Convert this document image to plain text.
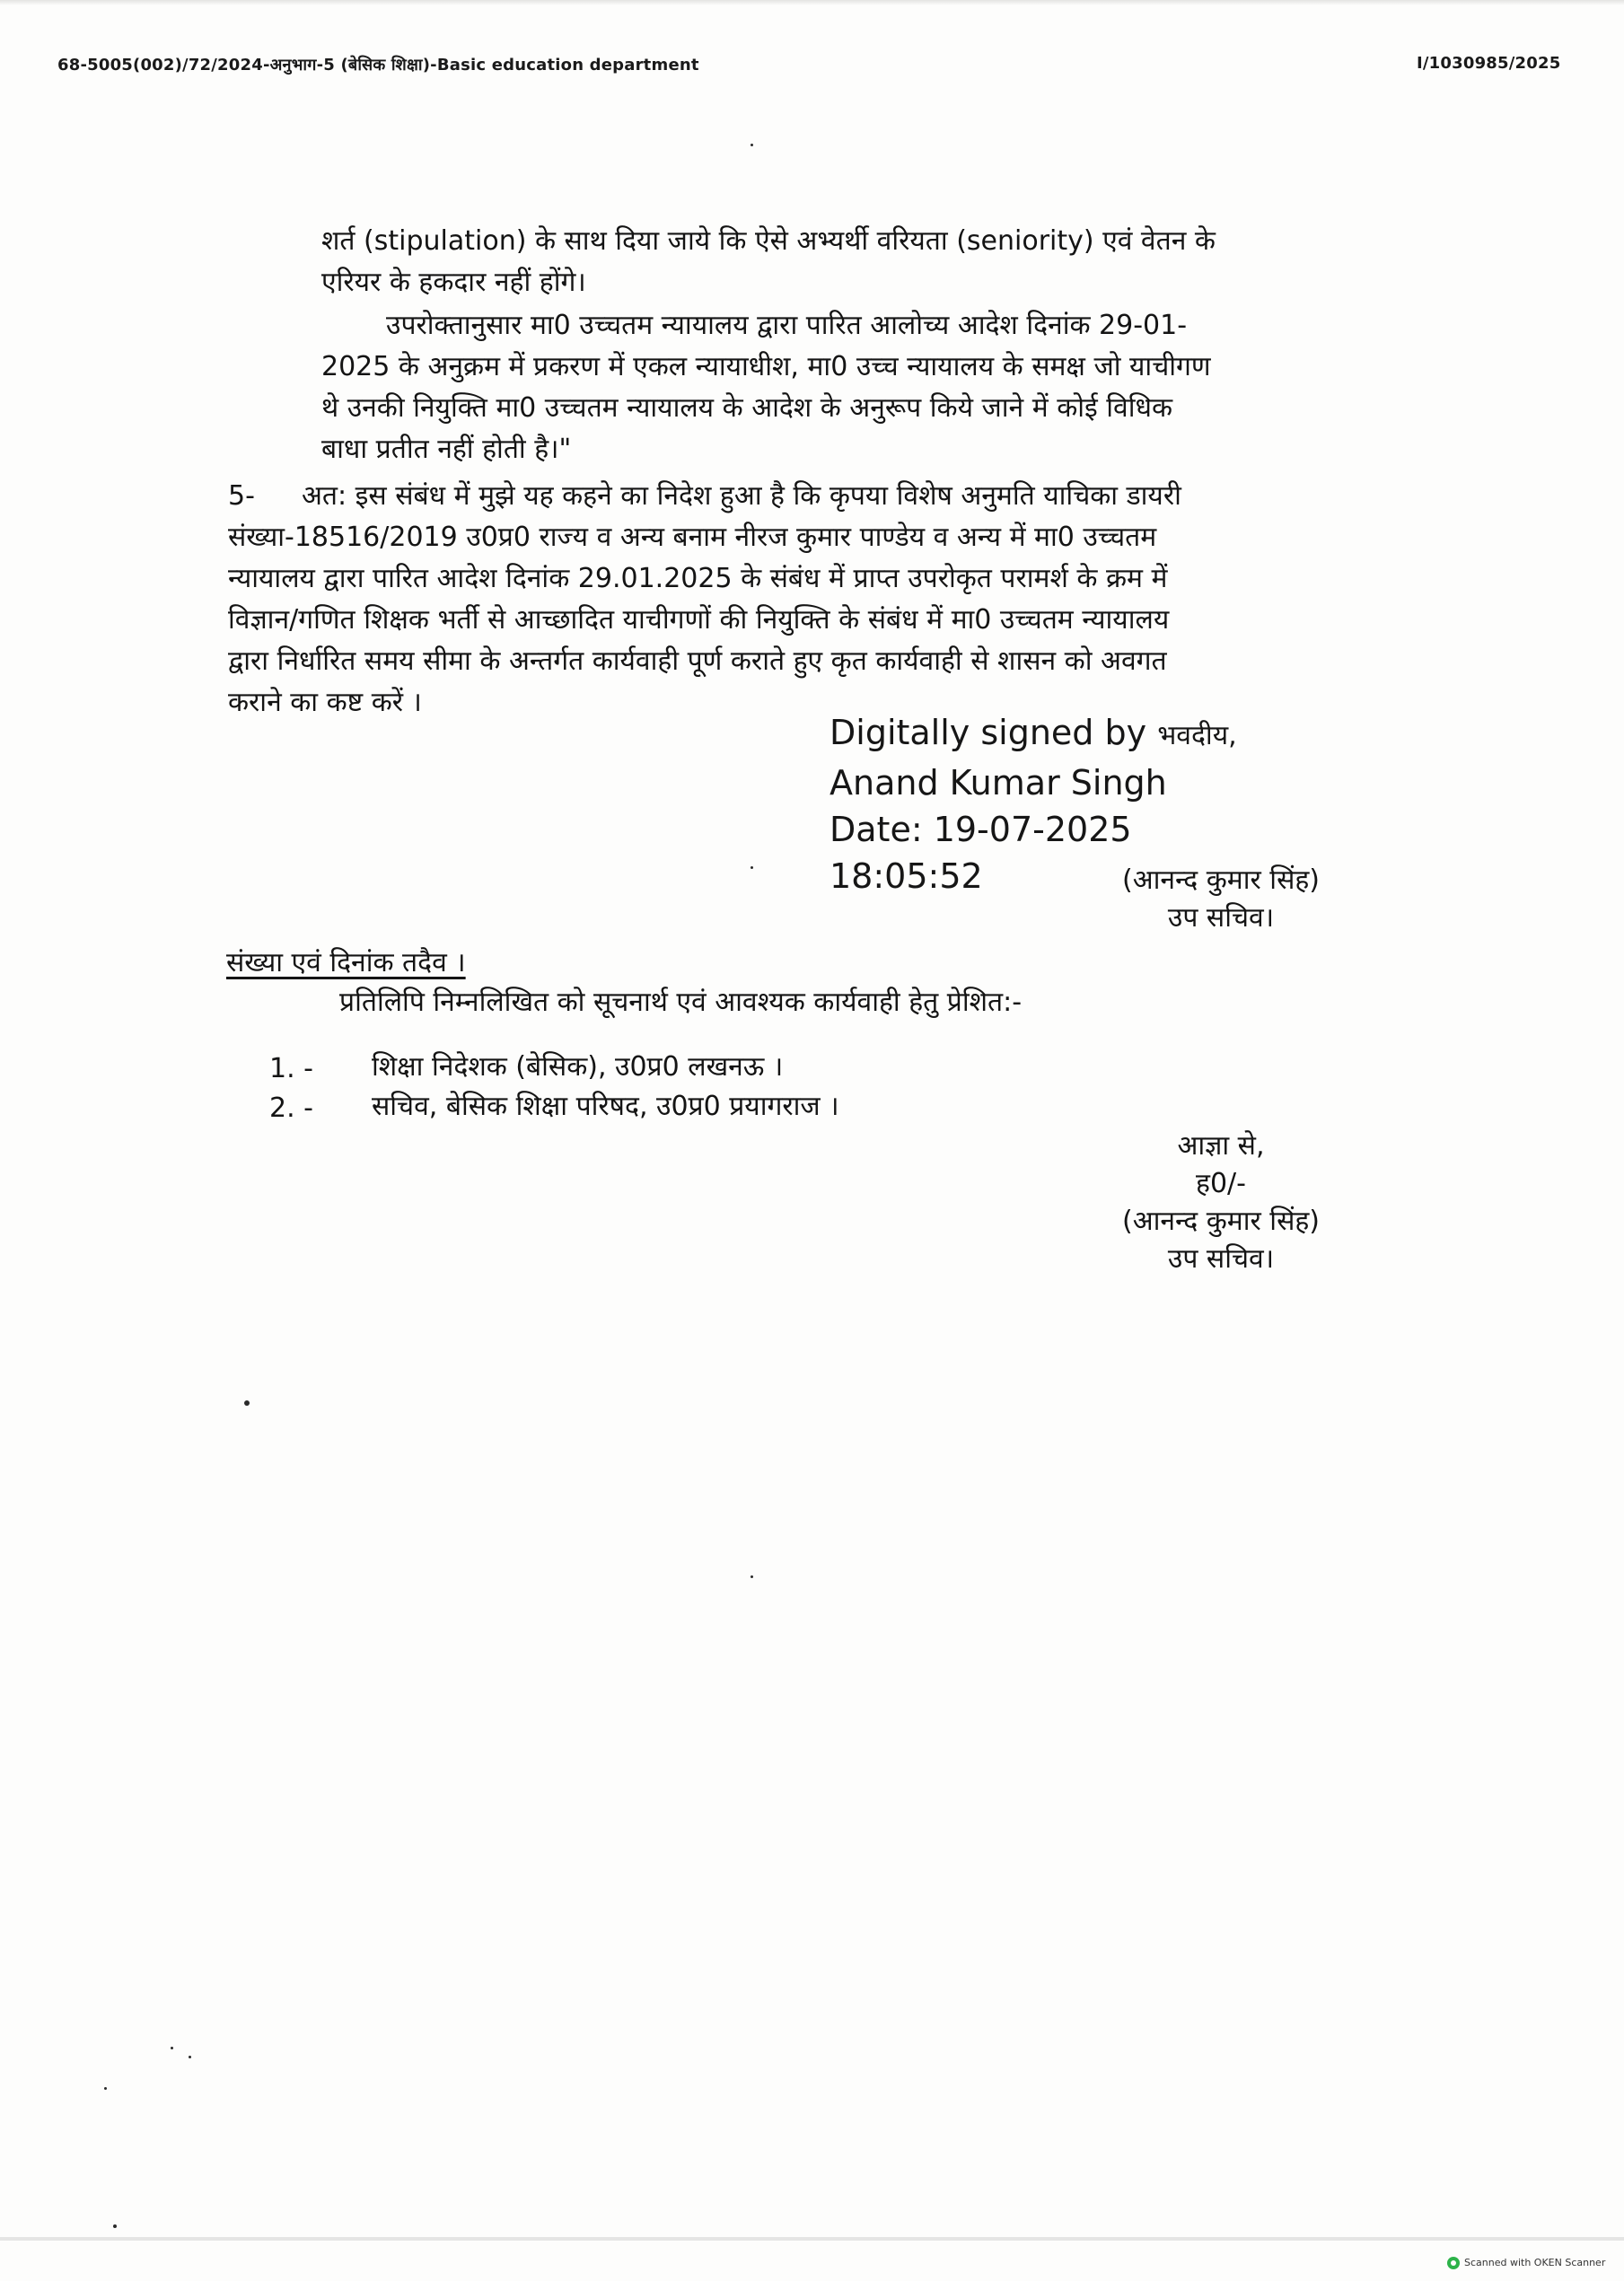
68-5005(002)/72/2024-अनुभाग-5 (बेसिक शिक्षा)-Basic education department	I/1030985/2025
शर्त (stipulation) के साथ दिया जाये कि ऐसे अभ्यर्थी वरियता (seniority) एवं वेतन के
एरियर के हकदार नहीं होंगे।
उपरोक्तानुसार मा0 उच्चतम न्यायालय द्वारा पारित आलोच्य आदेश दिनांक 29-01-
2025 के अनुक्रम में प्रकरण में एकल न्यायाधीश, मा0 उच्च न्यायालय के समक्ष जो याचीगण
थे उनकी नियुक्ति मा0 उच्चतम न्यायालय के आदेश के अनुरूप किये जाने में कोई विधिक
बाधा प्रतीत नहीं होती है।"
5- अत: इस संबंध में मुझे यह कहने का निदेश हुआ है कि कृपया विशेष अनुमति याचिका डायरी
संख्या-18516/2019 उ0प्र0 राज्य व अन्य बनाम नीरज कुमार पाण्डेय व अन्य में मा0 उच्चतम
न्यायालय द्वारा पारित आदेश दिनांक 29.01.2025 के संबंध में प्राप्त उपरोकृत परामर्श के क्रम में
विज्ञान/गणित शिक्षक भर्ती से आच्छादित याचीगणों की नियुक्ति के संबंध में मा0 उच्चतम न्यायालय
द्वारा निर्धारित समय सीमा के अन्तर्गत कार्यवाही पूर्ण कराते हुए कृत कार्यवाही से शासन को अवगत
कराने का कष्ट करें ।
Digitally signed by भवदीय,
Anand Kumar Singh
Date: 19-07-2025
18:05:52	(आनन्द कुमार सिंह)
उप सचिव।
संख्या एवं दिनांक तदैव ।
प्रतिलिपि निम्नलिखित को सूचनार्थ एवं आवश्यक कार्यवाही हेतु प्रेशित:-
1. - शिक्षा निदेशक (बेसिक), उ0प्र0 लखनऊ ।
2. - सचिव, बेसिक शिक्षा परिषद, उ0प्र0 प्रयागराज ।
आज्ञा से,
ह0/-
(आनन्द कुमार सिंह)
उप सचिव।
Scanned with OKEN Scanner
